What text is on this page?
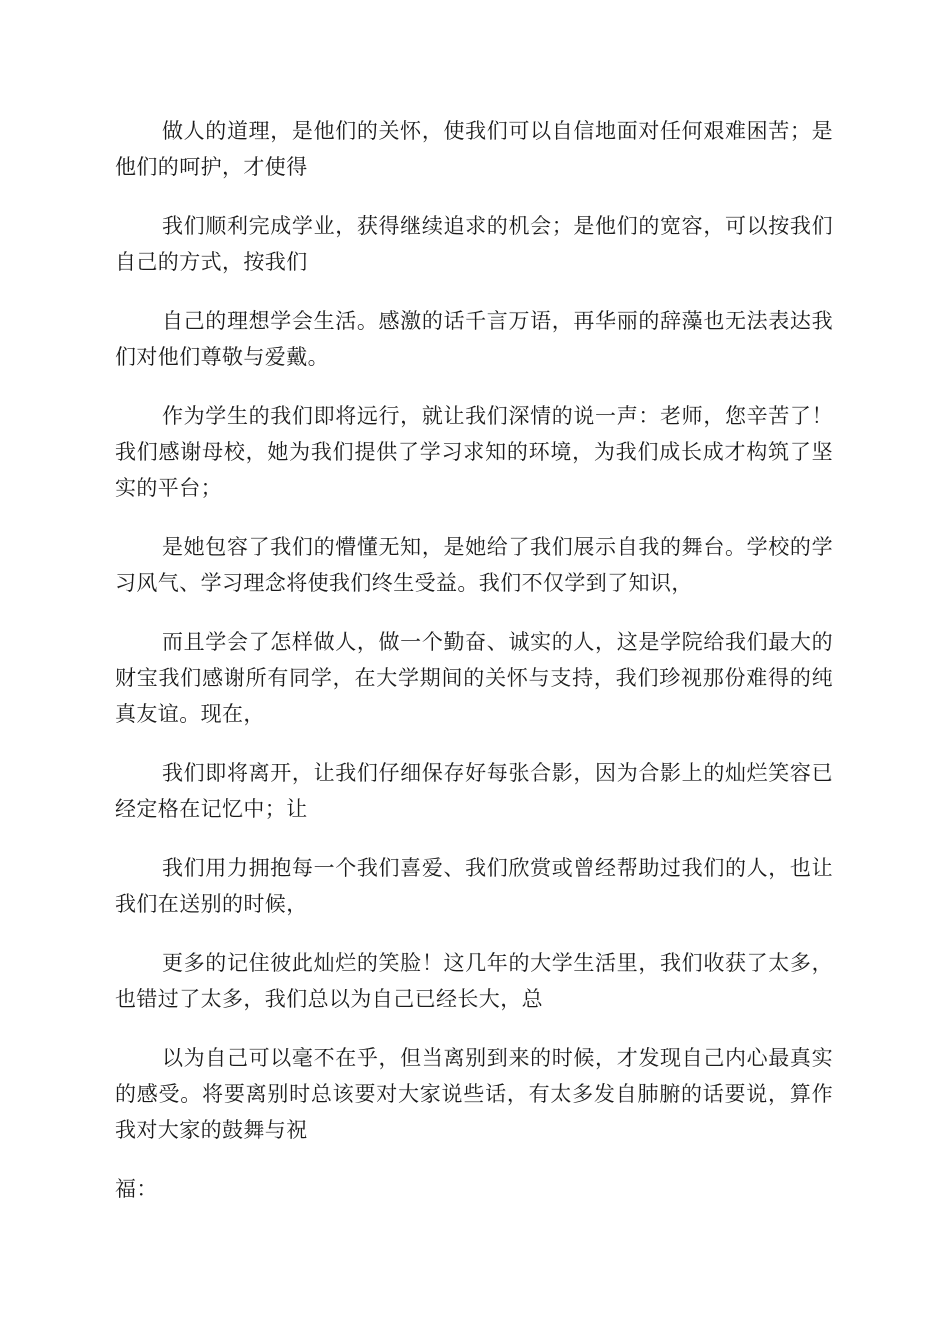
做人的道理，是他们的关怀，使我们可以自信地面对任何艰难困苦；是他们的呵护，才使得

我们顺利完成学业，获得继续追求的机会；是他们的宽容，可以按我们自己的方式，按我们

自己的理想学会生活。感激的话千言万语，再华丽的辞藻也无法表达我们对他们尊敬与爱戴。

作为学生的我们即将远行，就让我们深情的说一声：老师，您辛苦了！我们感谢母校，她为我们提供了学习求知的环境，为我们成长成才构筑了坚实的平台；

是她包容了我们的懵懂无知，是她给了我们展示自我的舞台。学校的学习风气、学习理念将使我们终生受益。我们不仅学到了知识，

而且学会了怎样做人，做一个勤奋、诚实的人，这是学院给我们最大的财宝我们感谢所有同学，在大学期间的关怀与支持，我们珍视那份难得的纯真友谊。现在，

我们即将离开，让我们仔细保存好每张合影，因为合影上的灿烂笑容已经定格在记忆中；让

我们用力拥抱每一个我们喜爱、我们欣赏或曾经帮助过我们的人，也让我们在送别的时候，

更多的记住彼此灿烂的笑脸！这几年的大学生活里，我们收获了太多，也错过了太多，我们总以为自己已经长大，总

以为自己可以毫不在乎，但当离别到来的时候，才发现自己内心最真实的感受。将要离别时总该要对大家说些话，有太多发自肺腑的话要说，算作我对大家的鼓舞与祝

福：
